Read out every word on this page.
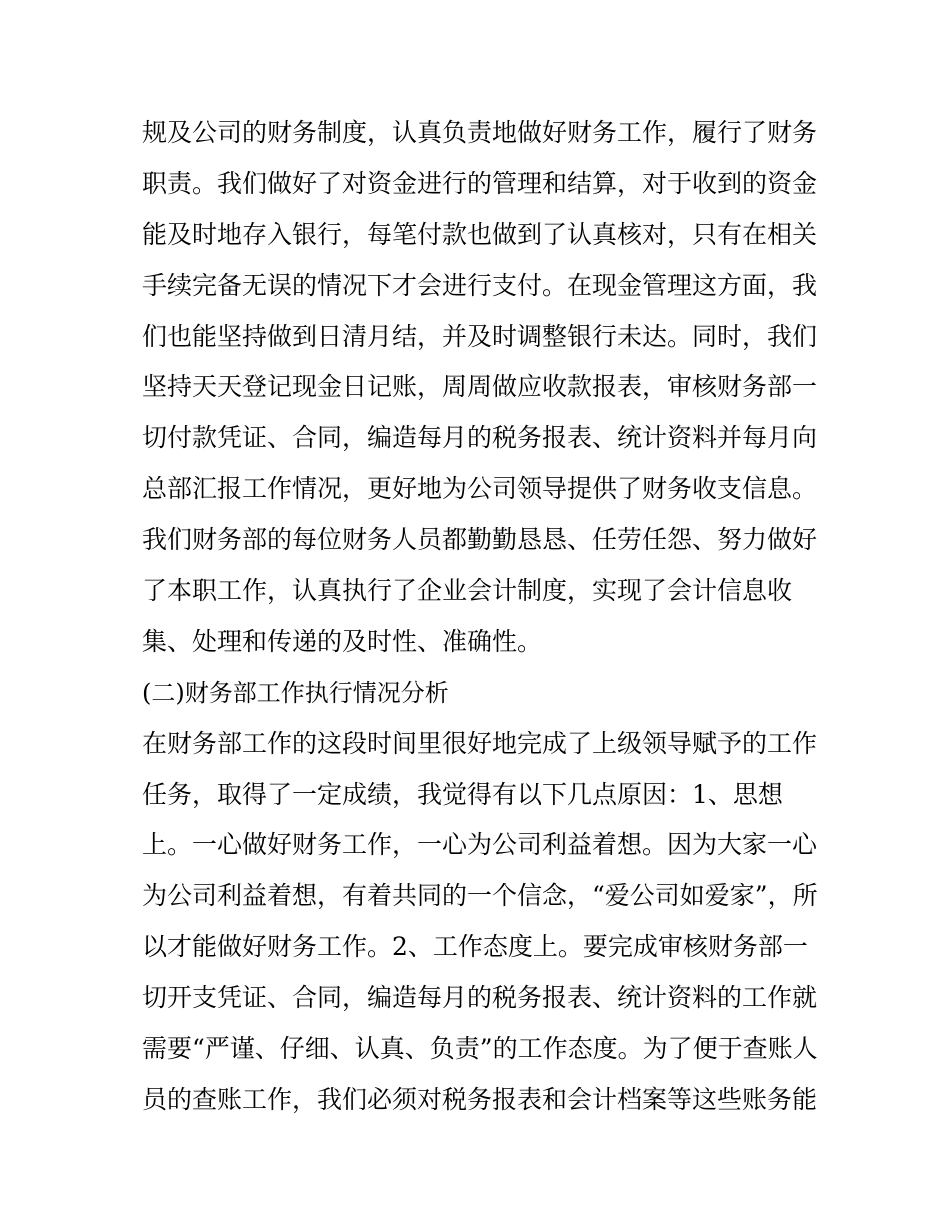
规及公司的财务制度，认真负责地做好财务工作，履行了财务
职责。我们做好了对资金进行的管理和结算，对于收到的资金
能及时地存入银行，每笔付款也做到了认真核对，只有在相关
手续完备无误的情况下才会进行支付。在现金管理这方面，我
们也能坚持做到日清月结，并及时调整银行未达。同时，我们
坚持天天登记现金日记账，周周做应收款报表，审核财务部一
切付款凭证、合同，编造每月的税务报表、统计资料并每月向
总部汇报工作情况，更好地为公司领导提供了财务收支信息。
我们财务部的每位财务人员都勤勤恳恳、任劳任怨、努力做好
了本职工作，认真执行了企业会计制度，实现了会计信息收
集、处理和传递的及时性、准确性。
(二)财务部工作执行情况分析
在财务部工作的这段时间里很好地完成了上级领导赋予的工作
任务，取得了一定成绩，我觉得有以下几点原因：1、思想
上。一心做好财务工作，一心为公司利益着想。因为大家一心
为公司利益着想，有着共同的一个信念，“爱公司如爱家”，所
以才能做好财务工作。2、工作态度上。要完成审核财务部一
切开支凭证、合同，编造每月的税务报表、统计资料的工作就
需要“严谨、仔细、认真、负责”的工作态度。为了便于查账人
员的查账工作，我们必须对税务报表和会计档案等这些账务能
